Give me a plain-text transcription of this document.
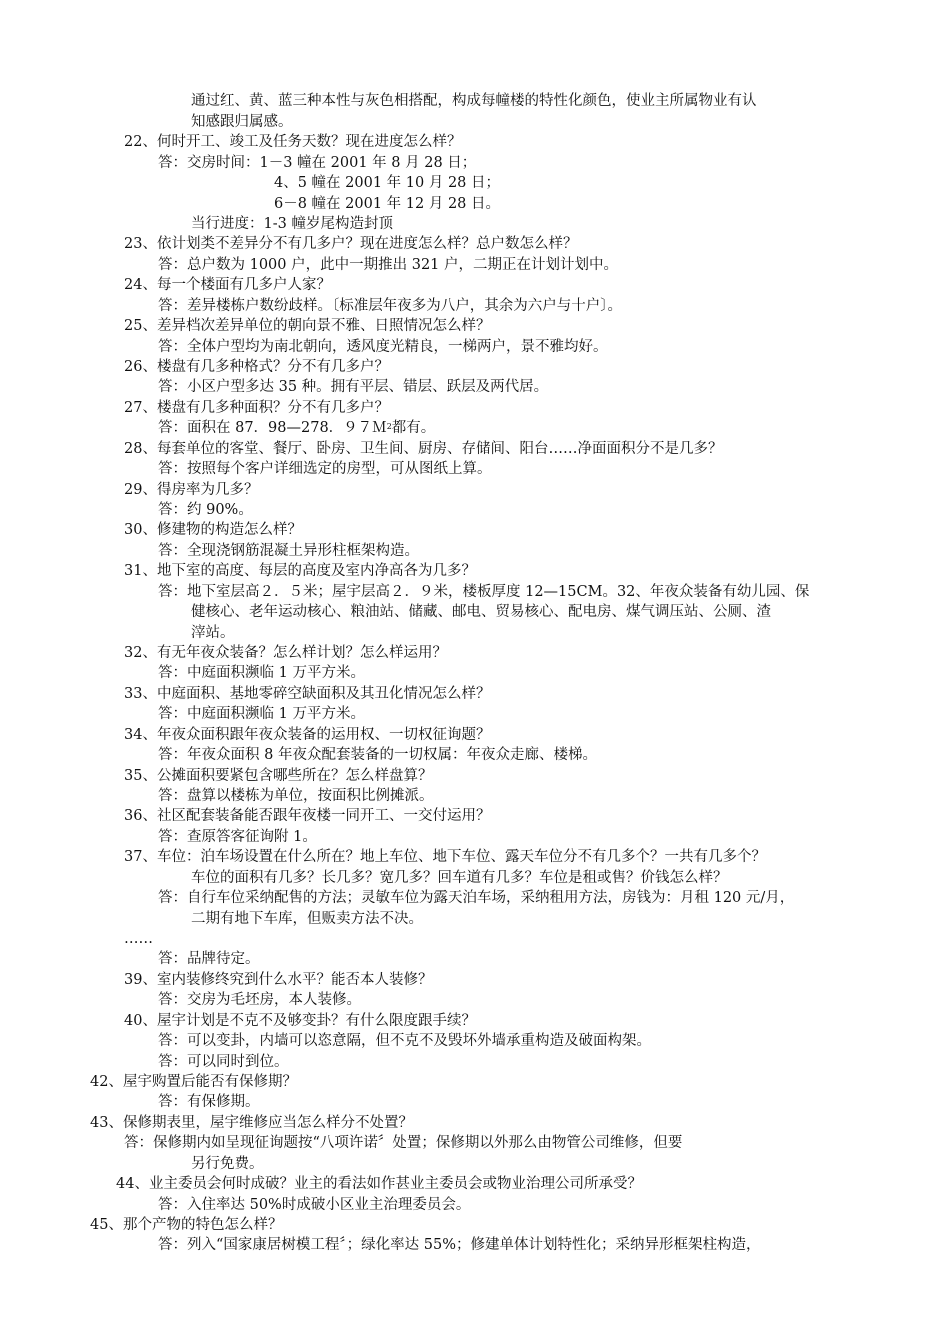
通过红、黄、蓝三种本性与灰色相搭配，构成每幢楼的特性化颜色，使业主所属物业有认
知感跟归属感。
22、何时开工、竣工及任务天数？现在进度怎么样？
答：交房时间：1－3 幢在 2001 年 8 月 28 日；
4、5 幢在 2001 年 10 月 28 日；
6－8 幢在 2001 年 12 月 28 日。
当行进度：1-3 幢岁尾构造封顶
23、依计划类不差异分不有几多户？现在进度怎么样？总户数怎么样？
答：总户数为 1000 户，此中一期推出 321 户，二期正在计划计划中。
24、每一个楼面有几多户人家？
答：差异楼栋户数纷歧样。〔标准层年夜多为八户，其余为六户与十户〕。
25、差异档次差异单位的朝向景不雅、日照情况怎么样？
答：全体户型均为南北朝向，透风度光精良，一梯两户，景不雅均好。
26、楼盘有几多种格式？分不有几多户？
答：小区户型多达 35 种。拥有平层、错层、跃层及两代居。
27、楼盘有几多种面积？分不有几多户？
答：面积在 87．98—278．９７Ｍ$^2$都有。
28、每套单位的客堂、餐厅、卧房、卫生间、厨房、存储间、阳台……净面面积分不是几多？
答：按照每个客户详细选定的房型，可从图纸上算。
29、得房率为几多？
答：约 90%。
30、修建物的构造怎么样？
答：全现浇钢筋混凝土异形柱框架构造。
31、地下室的高度、每层的高度及室内净高各为几多？
答：地下室层高２．５米；屋宇层高２．９米，楼板厚度 12—15CM。32、年夜众装备有幼儿园、保
健核心、老年运动核心、粮油站、储藏、邮电、贸易核心、配电房、煤气调压站、公厕、渣
滓站。
32、有无年夜众装备？怎么样计划？怎么样运用？
答：中庭面积濒临 1 万平方米。
33、中庭面积、基地零碎空缺面积及其丑化情况怎么样？
答：中庭面积濒临 1 万平方米。
34、年夜众面积跟年夜众装备的运用权、一切权征询题？
答：年夜众面积 8 年夜众配套装备的一切权属：年夜众走廊、楼梯。
35、公摊面积要紧包含哪些所在？怎么样盘算？
答：盘算以楼栋为单位，按面积比例摊派。
36、社区配套装备能否跟年夜楼一同开工、一交付运用？
答：查原答客征询附 1。
37、车位：泊车场设置在什么所在？地上车位、地下车位、露天车位分不有几多个？一共有几多个？
车位的面积有几多？长几多？宽几多？回车道有几多？车位是租或售？价钱怎么样？
答：自行车位采纳配售的方法；灵敏车位为露天泊车场，采纳租用方法，房钱为：月租 120 元/月，
二期有地下车库，但贩卖方法不决。
……
答：品牌待定。
39、室内装修终究到什么水平？能否本人装修？
答：交房为毛坯房，本人装修。
40、屋宇计划是不克不及够变卦？有什么限度跟手续？
答：可以变卦，内墙可以恣意隔，但不克不及毁坏外墙承重构造及破面构架。
答：可以同时到位。
42、屋宇购置后能否有保修期？
答：有保修期。
43、保修期表里，屋宇维修应当怎么样分不处置？
答：保修期内如呈现征询题按“八项许诺〞处置；保修期以外那么由物管公司维修，但要
另行免费。
44、业主委员会何时成破？业主的看法如作甚业主委员会或物业治理公司所承受？
答：入住率达 50%时成破小区业主治理委员会。
45、那个产物的特色怎么样？
答：列入“国家康居树模工程〞；绿化率达 55%；修建单体计划特性化；采纳异形框架柱构造，
